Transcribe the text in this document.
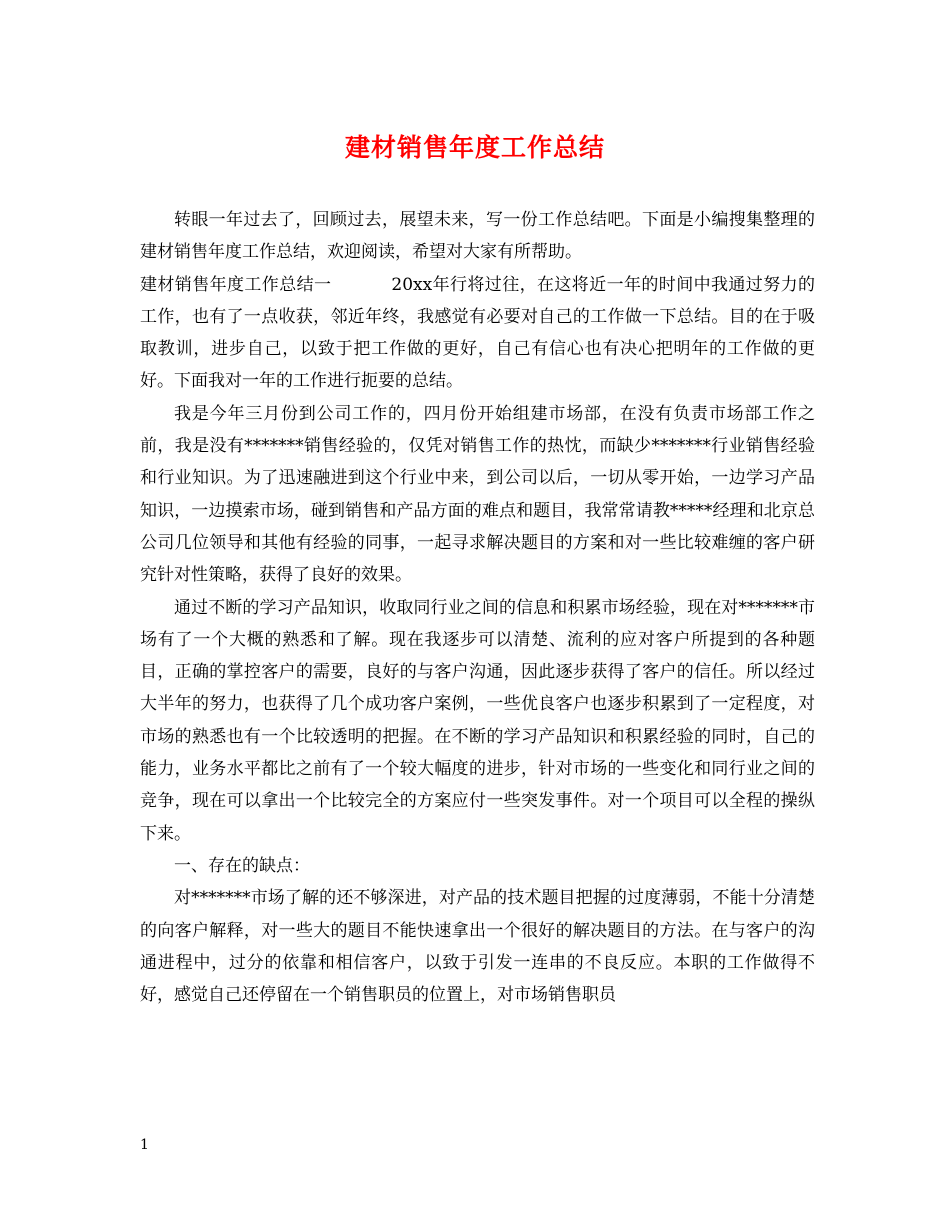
建材销售年度工作总结

转眼一年过去了，回顾过去，展望未来，写一份工作总结吧。下面是小编搜集整理的建材销售年度工作总结，欢迎阅读，希望对大家有所帮助。

建材销售年度工作总结一	20xx年行将过往，在这将近一年的时间中我通过努力的工作，也有了一点收获，邻近年终，我感觉有必要对自己的工作做一下总结。目的在于吸取教训，进步自己，以致于把工作做的更好，自己有信心也有决心把明年的工作做的更好。下面我对一年的工作进行扼要的总结。

我是今年三月份到公司工作的，四月份开始组建市场部，在没有负责市场部工作之前，我是没有*******销售经验的，仅凭对销售工作的热忱，而缺少*******行业销售经验和行业知识。为了迅速融进到这个行业中来，到公司以后，一切从零开始，一边学习产品知识，一边摸索市场，碰到销售和产品方面的难点和题目，我常常请教*****经理和北京总公司几位领导和其他有经验的同事，一起寻求解决题目的方案和对一些比较难缠的客户研究针对性策略，获得了良好的效果。

通过不断的学习产品知识，收取同行业之间的信息和积累市场经验，现在对*******市场有了一个大概的熟悉和了解。现在我逐步可以清楚、流利的应对客户所提到的各种题目，正确的掌控客户的需要，良好的与客户沟通，因此逐步获得了客户的信任。所以经过大半年的努力，也获得了几个成功客户案例，一些优良客户也逐步积累到了一定程度，对市场的熟悉也有一个比较透明的把握。在不断的学习产品知识和积累经验的同时，自己的能力，业务水平都比之前有了一个较大幅度的进步，针对市场的一些变化和同行业之间的竞争，现在可以拿出一个比较完全的方案应付一些突发事件。对一个项目可以全程的操纵下来。

一、存在的缺点：

对*******市场了解的还不够深进，对产品的技术题目把握的过度薄弱，不能十分清楚的向客户解释，对一些大的题目不能快速拿出一个很好的解决题目的方法。在与客户的沟通进程中，过分的依靠和相信客户，以致于引发一连串的不良反应。本职的工作做得不好，感觉自己还停留在一个销售职员的位置上，对市场销售职员

1
